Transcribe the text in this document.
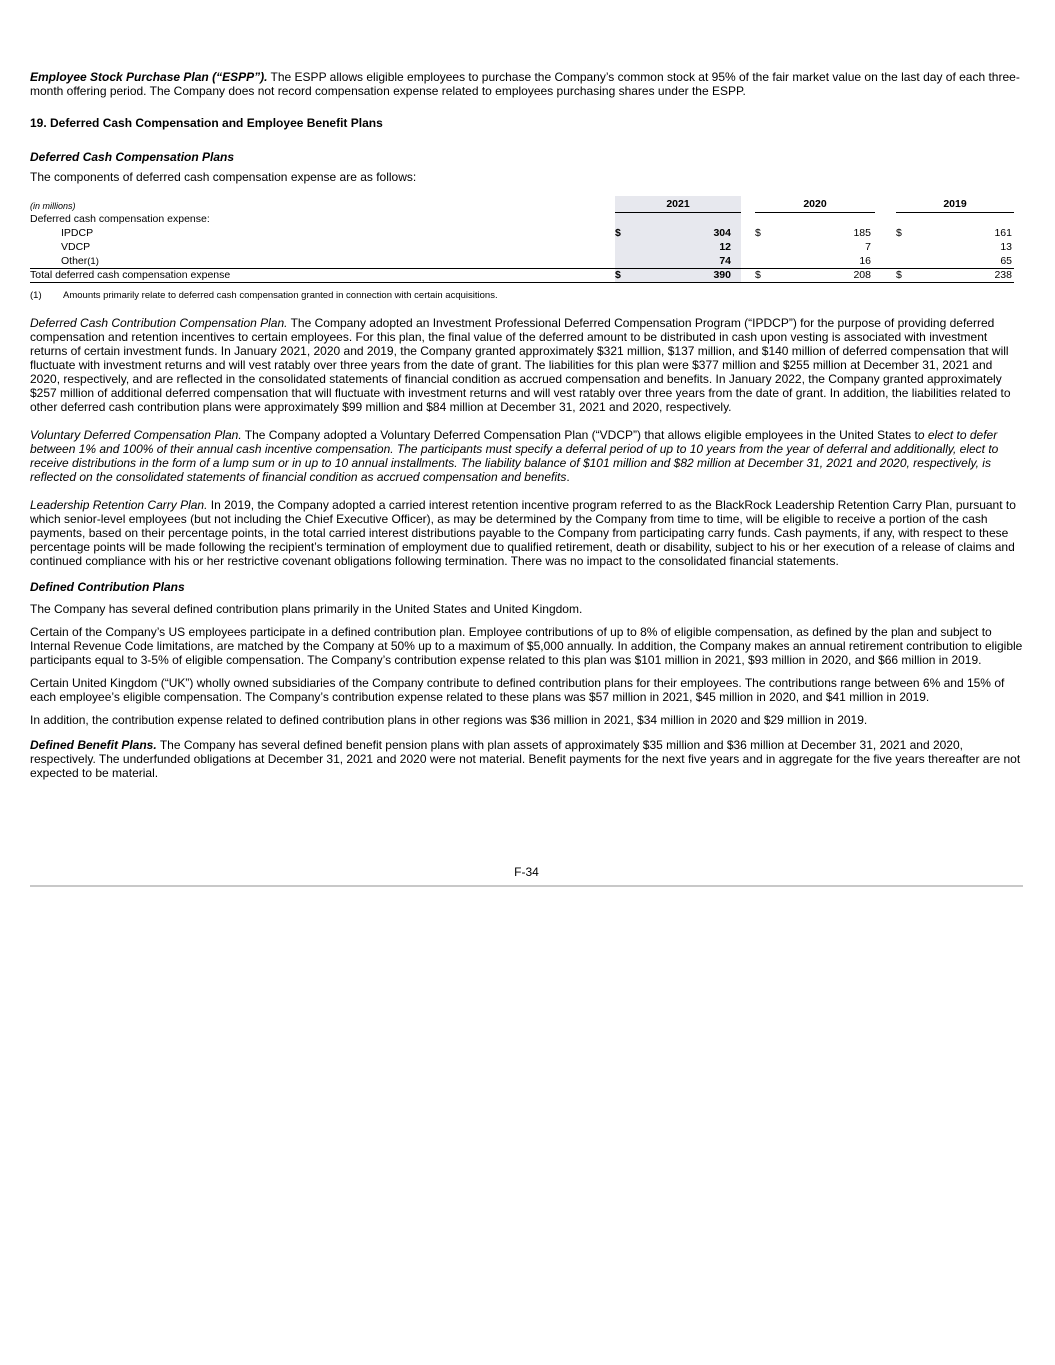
Employee Stock Purchase Plan (“ESPP”). The ESPP allows eligible employees to purchase the Company’s common stock at 95% of the fair market value on the last day of each three-month offering period. The Company does not record compensation expense related to employees purchasing shares under the ESPP.

19. Deferred Cash Compensation and Employee Benefit Plans

Deferred Cash Compensation Plans

The components of deferred cash compensation expense are as follows:

(in millions)	2021	2020	2019
Deferred cash compensation expense:
IPDCP	$	304 $	185 $	161
VDCP	12	7	13
Other(1)	74	16	65
Total deferred cash compensation expense	$	390 $	208 $	238
(1) Amounts primarily relate to deferred cash compensation granted in connection with certain acquisitions.

Deferred Cash Contribution Compensation Plan. The Company adopted an Investment Professional Deferred Compensation Program (“IPDCP”) for the purpose of providing deferred compensation and retention incentives to certain employees. For this plan, the final value of the deferred amount to be distributed in cash upon vesting is associated with investment returns of certain investment funds. In January 2021, 2020 and 2019, the Company granted approximately $321 million, $137 million, and $140 million of deferred compensation that will fluctuate with investment returns and will vest ratably over three years from the date of grant. The liabilities for this plan were $377 million and $255 million at December 31, 2021 and 2020, respectively, and are reflected in the consolidated statements of financial condition as accrued compensation and benefits. In January 2022, the Company granted approximately $257 million of additional deferred compensation that will fluctuate with investment returns and will vest ratably over three years from the date of grant. In addition, the liabilities related to other deferred cash contribution plans were approximately $99 million and $84 million at December 31, 2021 and 2020, respectively.

Voluntary Deferred Compensation Plan. The Company adopted a Voluntary Deferred Compensation Plan (“VDCP”) that allows eligible employees in the United States to elect to defer between 1% and 100% of their annual cash incentive compensation. The participants must specify a deferral period of up to 10 years from the year of deferral and additionally, elect to receive distributions in the form of a lump sum or in up to 10 annual installments. The liability balance of $101 million and $82 million at December 31, 2021 and 2020, respectively, is reflected on the consolidated statements of financial condition as accrued compensation and benefits.

Leadership Retention Carry Plan. In 2019, the Company adopted a carried interest retention incentive program referred to as the BlackRock Leadership Retention Carry Plan, pursuant to which senior-level employees (but not including the Chief Executive Officer), as may be determined by the Company from time to time, will be eligible to receive a portion of the cash payments, based on their percentage points, in the total carried interest distributions payable to the Company from participating carry funds. Cash payments, if any, with respect to these percentage points will be made following the recipient’s termination of employment due to qualified retirement, death or disability, subject to his or her execution of a release of claims and continued compliance with his or her restrictive covenant obligations following termination. There was no impact to the consolidated financial statements.

Defined Contribution Plans

The Company has several defined contribution plans primarily in the United States and United Kingdom.

Certain of the Company’s US employees participate in a defined contribution plan. Employee contributions of up to 8% of eligible compensation, as defined by the plan and subject to Internal Revenue Code limitations, are matched by the Company at 50% up to a maximum of $5,000 annually. In addition, the Company makes an annual retirement contribution to eligible participants equal to 3-5% of eligible compensation. The Company’s contribution expense related to this plan was $101 million in 2021, $93 million in 2020, and $66 million in 2019.

Certain United Kingdom (“UK”) wholly owned subsidiaries of the Company contribute to defined contribution plans for their employees. The contributions range between 6% and 15% of each employee’s eligible compensation. The Company’s contribution expense related to these plans was $57 million in 2021, $45 million in 2020, and $41 million in 2019.

In addition, the contribution expense related to defined contribution plans in other regions was $36 million in 2021, $34 million in 2020 and $29 million in 2019.

Defined Benefit Plans. The Company has several defined benefit pension plans with plan assets of approximately $35 million and $36 million at December 31, 2021 and 2020, respectively. The underfunded obligations at December 31, 2021 and 2020 were not material. Benefit payments for the next five years and in aggregate for the five years thereafter are not expected to be material.

F-34
